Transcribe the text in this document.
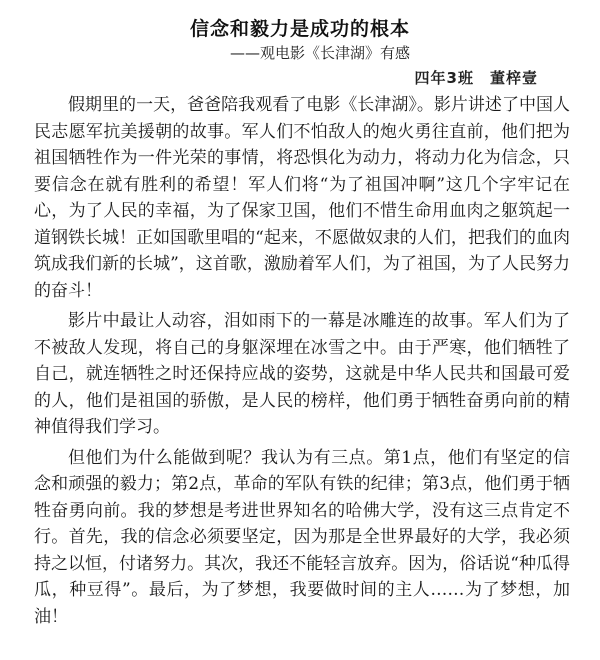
信念和毅力是成功的根本
——观电影《长津湖》有感
四年3班　董梓壹

假期里的一天，爸爸陪我观看了电影《长津湖》。影片讲述了中国人民志愿军抗美援朝的故事。军人们不怕敌人的炮火勇往直前，他们把为祖国牺牲作为一件光荣的事情，将恐惧化为动力，将动力化为信念，只要信念在就有胜利的希望！军人们将“为了祖国冲啊”这几个字牢记在心，为了人民的幸福，为了保家卫国，他们不惜生命用血肉之躯筑起一道钢铁长城！正如国歌里唱的“起来，不愿做奴隶的人们，把我们的血肉筑成我们新的长城”，这首歌，激励着军人们，为了祖国，为了人民努力的奋斗！

影片中最让人动容，泪如雨下的一幕是冰雕连的故事。军人们为了不被敌人发现，将自己的身躯深埋在冰雪之中。由于严寒，他们牺牲了自己，就连牺牲之时还保持应战的姿势，这就是中华人民共和国最可爱的人，他们是祖国的骄傲，是人民的榜样，他们勇于牺牲奋勇向前的精神值得我们学习。

但他们为什么能做到呢？我认为有三点。第1点，他们有坚定的信念和顽强的毅力；第2点，革命的军队有铁的纪律；第3点，他们勇于牺牲奋勇向前。我的梦想是考进世界知名的哈佛大学，没有这三点肯定不行。首先，我的信念必须要坚定，因为那是全世界最好的大学，我必须持之以恒，付诸努力。其次，我还不能轻言放弃。因为，俗话说“种瓜得瓜，种豆得”。最后，为了梦想，我要做时间的主人……为了梦想，加油！
